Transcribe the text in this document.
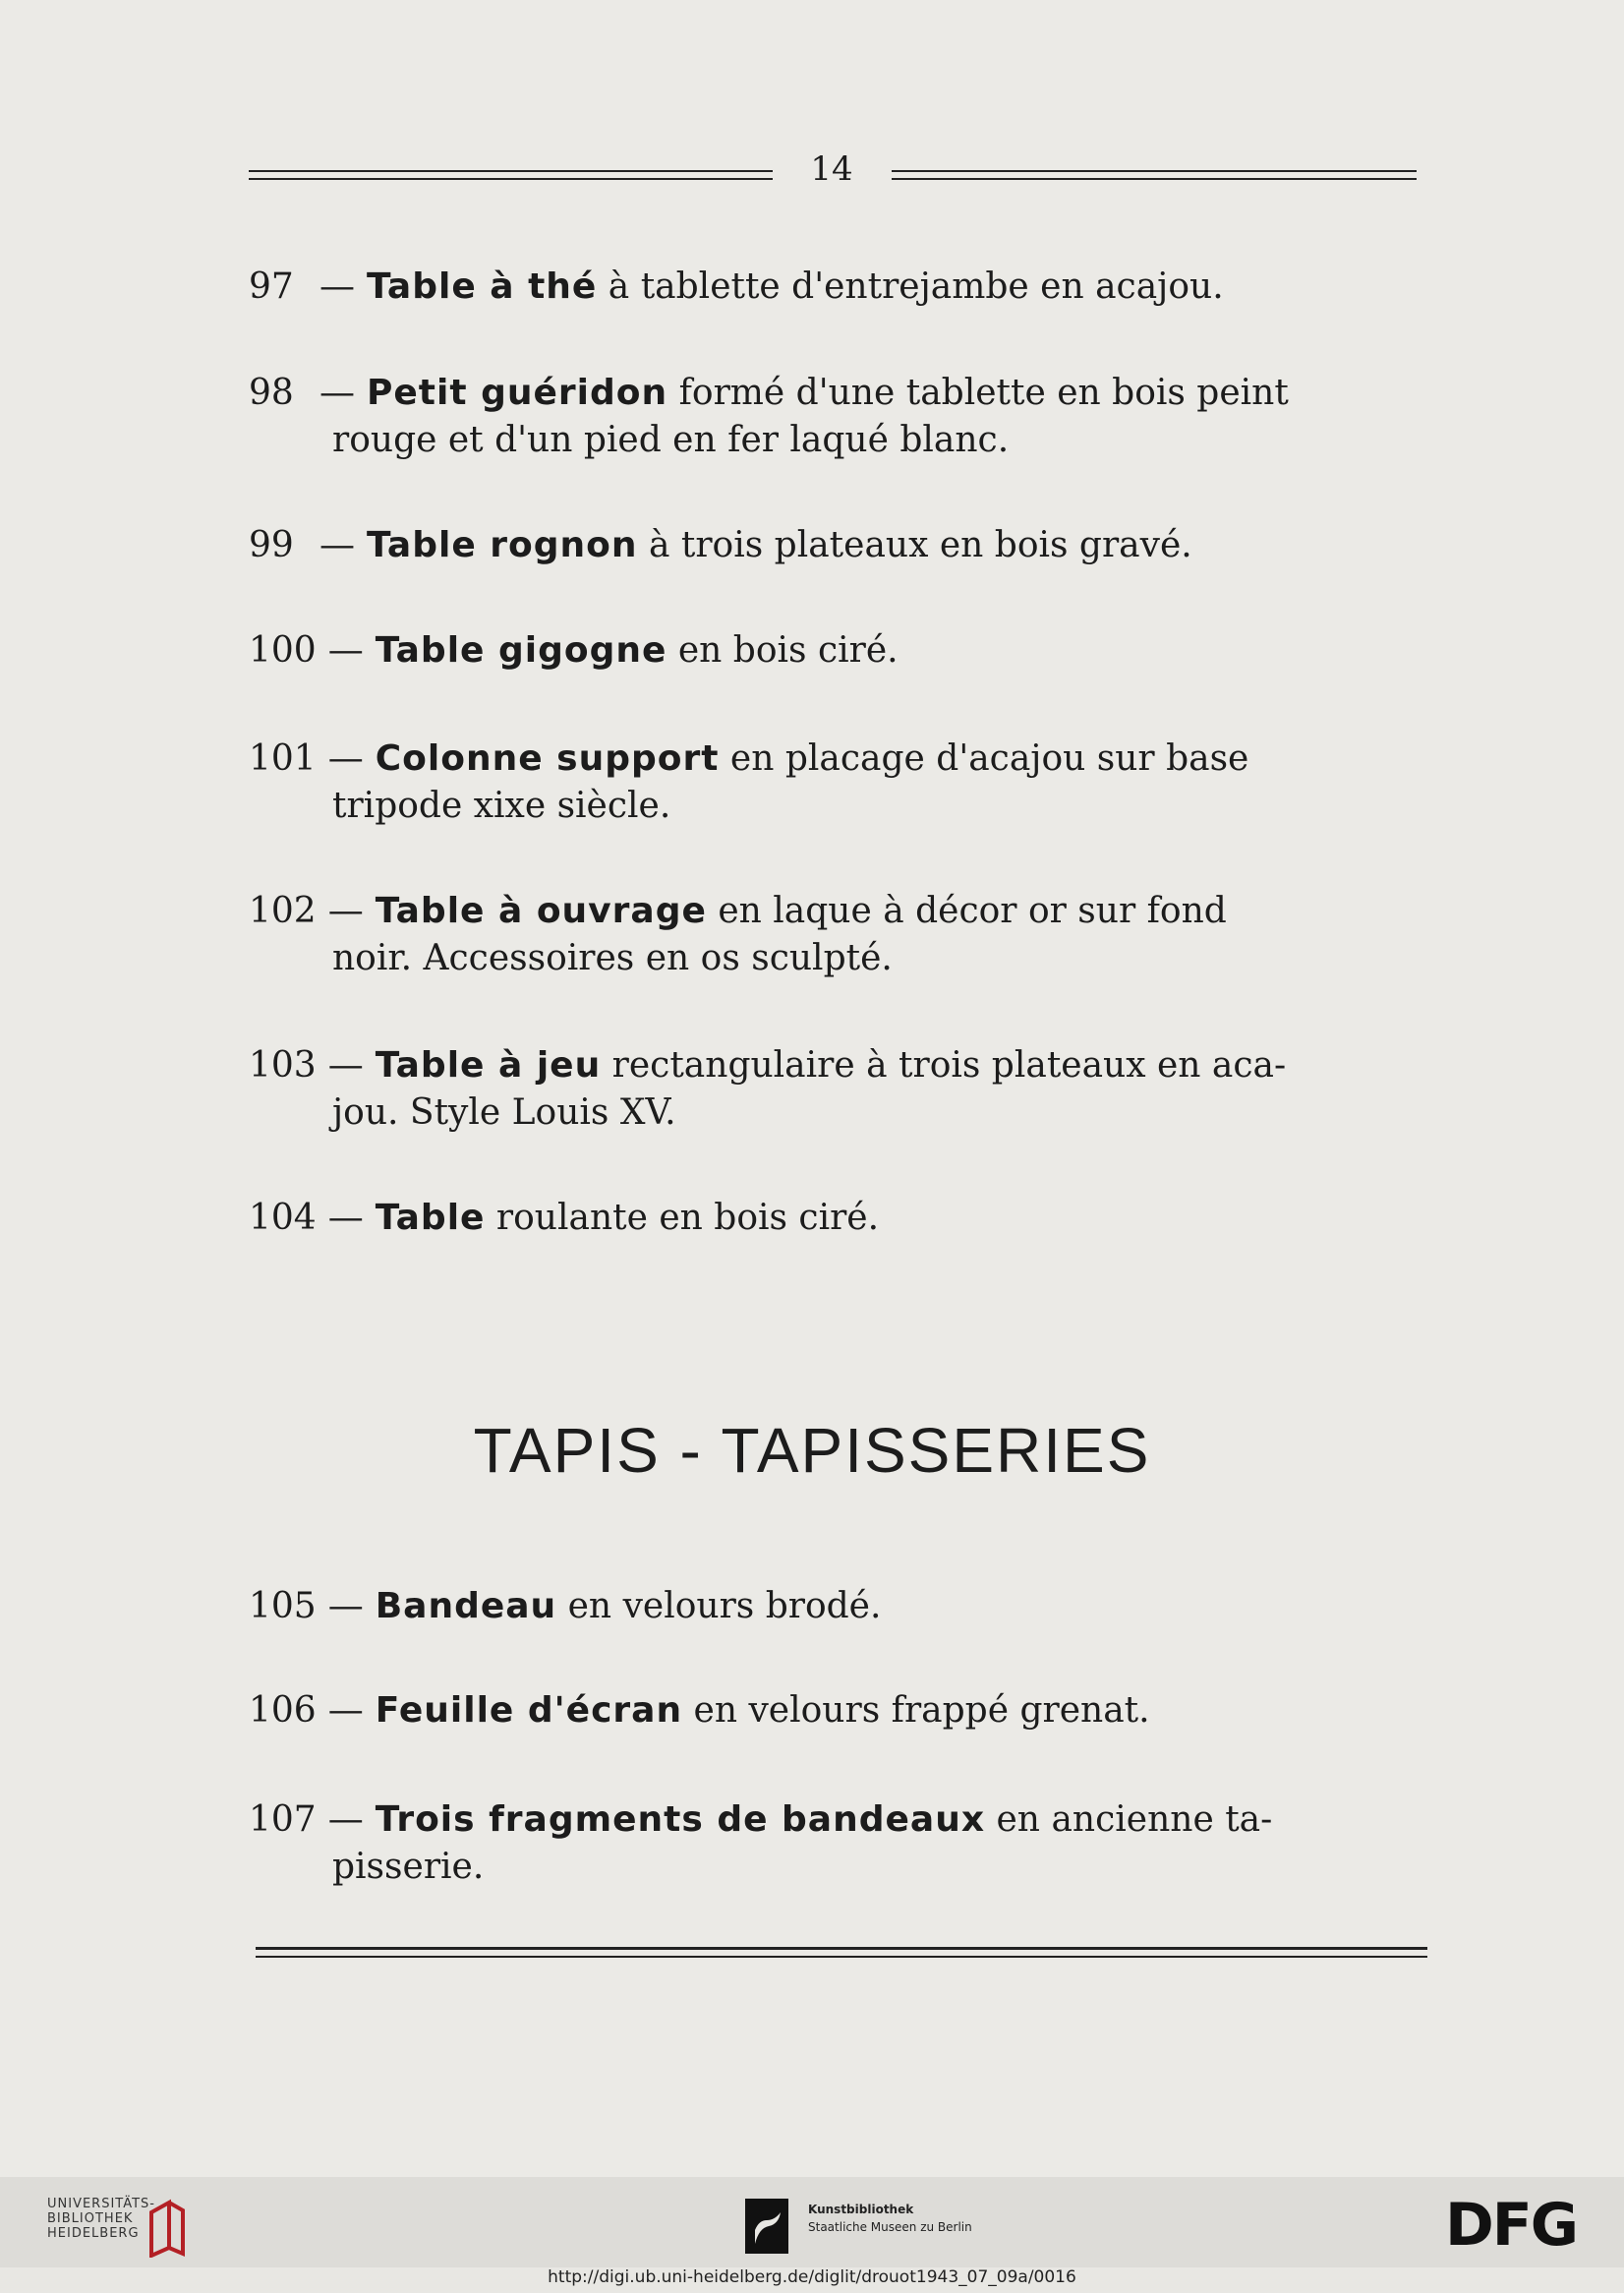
14
97 — Table à thé à tablette d'entrejambe en acajou.
98 — Petit guéridon formé d'une tablette en bois peint
rouge et d'un pied en fer laqué blanc.
99 — Table rognon à trois plateaux en bois gravé.
100 — Table gigogne en bois ciré.
101 — Colonne support en placage d'acajou sur base
tripode xixe siècle.
102 — Table à ouvrage en laque à décor or sur fond
noir. Accessoires en os sculpté.
103 — Table à jeu rectangulaire à trois plateaux en aca-
jou. Style Louis XV.
104 — Table roulante en bois ciré.
TAPIS - TAPISSERIES
105 — Bandeau en velours brodé.
106 — Feuille d'écran en velours frappé grenat.
107 — Trois fragments de bandeaux en ancienne ta-
pisserie.
UNIVERSITÄTS-
BIBLIOTHEK
HEIDELBERG
Kunstbibliothek
Staatliche Museen zu Berlin	DFG
http://digi.ub.uni-heidelberg.de/diglit/drouot1943_07_09a/0016
